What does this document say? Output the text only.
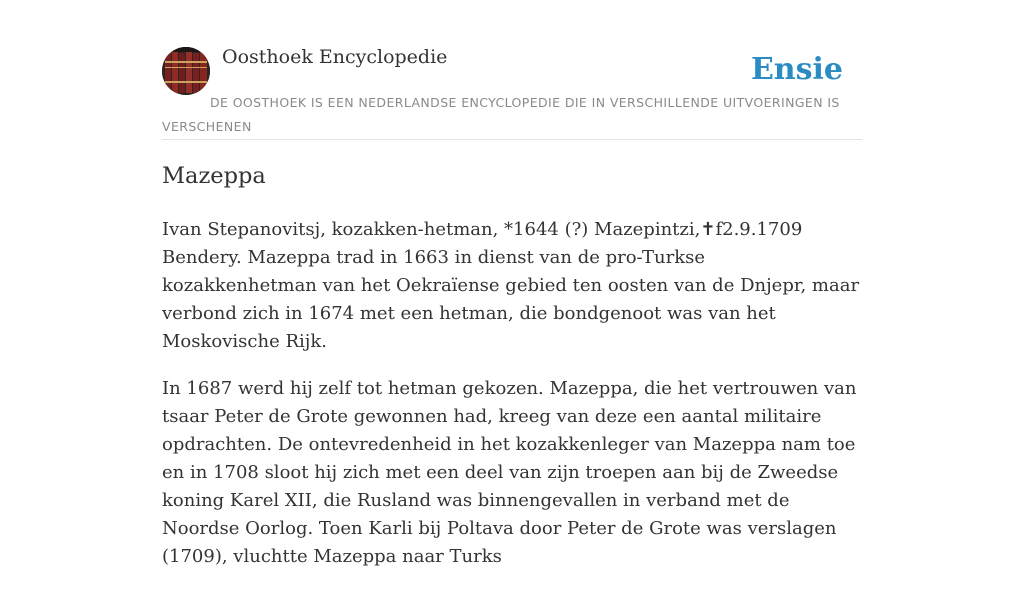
Oosthoek Encyclopedie	Ensie
DE OOSTHOEK IS EEN NEDERLANDSE ENCYCLOPEDIE DIE IN VERSCHILLENDE UITVOERINGEN IS VERSCHENEN
Mazeppa

Ivan Stepanovitsj, kozakken-hetman, *1644 (?) Mazepintzi,✝f2.9.1709 Bendery. Mazeppa trad in 1663 in dienst van de pro-Turkse kozakkenhetman van het Oekraïense gebied ten oosten van de Dnjepr, maar verbond zich in 1674 met een hetman, die bondgenoot was van het Moskovische Rijk.

In 1687 werd hij zelf tot hetman gekozen. Mazeppa, die het vertrouwen van tsaar Peter de Grote gewonnen had, kreeg van deze een aantal militaire opdrachten. De ontevredenheid in het kozakkenleger van Mazeppa nam toe en in 1708 sloot hij zich met een deel van zijn troepen aan bij de Zweedse koning Karel XII, die Rusland was binnengevallen in verband met de Noordse Oorlog. Toen Karli bij Poltava door Peter de Grote was verslagen (1709), vluchtte Mazeppa naar Turks
